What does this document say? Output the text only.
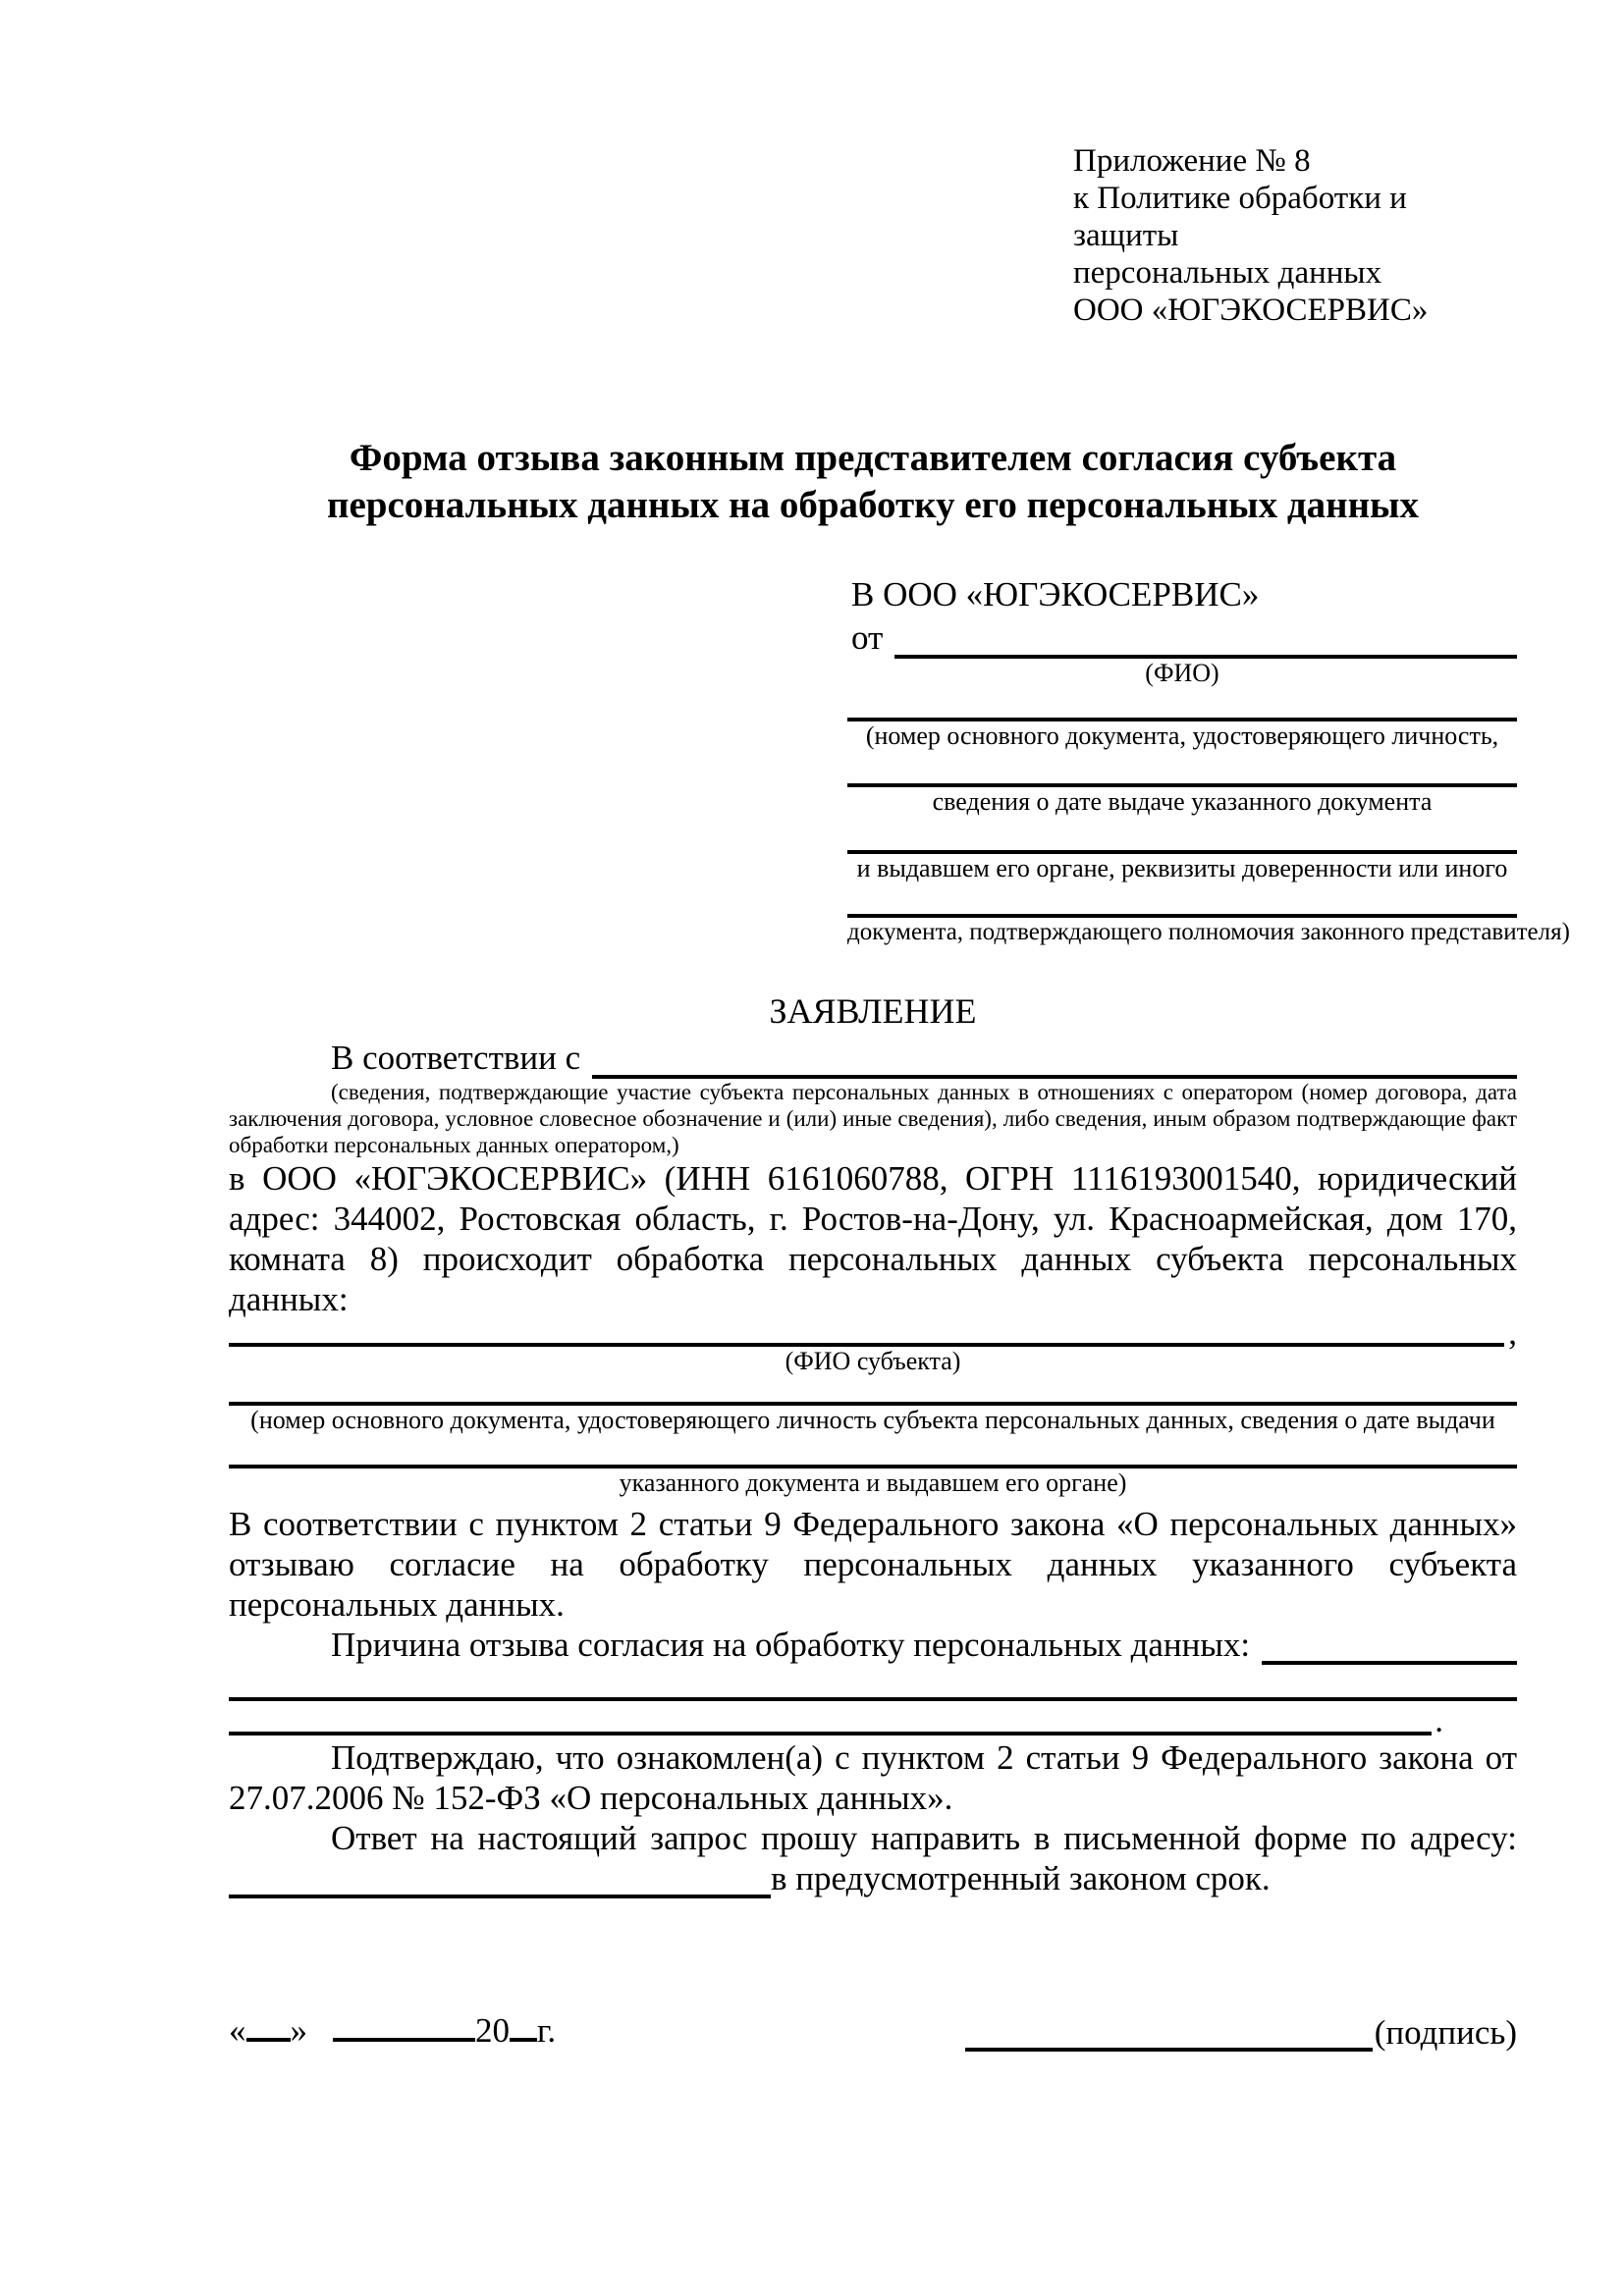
Приложение № 8
к Политике обработки и защиты
персональных данных
ООО «ЮГЭКОСЕРВИС»
Форма отзыва законным представителем согласия субъекта
персональных данных на обработку его персональных данных
В ООО «ЮГЭКОСЕРВИС»
от
(ФИО)
(номер основного документа, удостоверяющего личность,
сведения о дате выдаче указанного документа
и выдавшем его органе, реквизиты доверенности или иного
документа, подтверждающего полномочия законного представителя)
ЗАЯВЛЕНИЕ
В соответствии с
(сведения, подтверждающие участие субъекта персональных данных в отношениях с оператором (номер договора, дата заключения договора, условное словесное обозначение и (или) иные сведения), либо сведения, иным образом подтверждающие факт обработки персональных данных оператором,)
в ООО «ЮГЭКОСЕРВИС» (ИНН 6161060788, ОГРН 1116193001540, юридический адрес: 344002, Ростовская область, г. Ростов-на-Дону, ул. Красноармейская, дом 170, комната 8) происходит обработка персональных данных субъекта персональных данных:
,
(ФИО субъекта)
(номер основного документа, удостоверяющего личность субъекта персональных данных, сведения о дате выдачи
указанного документа и выдавшем его органе)
В соответствии с пунктом 2 статьи 9 Федерального закона «О персональных данных» отзываю согласие на обработку персональных данных указанного субъекта персональных данных.
Причина отзыва согласия на обработку персональных данных:
.
Подтверждаю, что ознакомлен(а) с пунктом 2 статьи 9 Федерального закона от 27.07.2006 № 152-ФЗ «О персональных данных».
Ответ на настоящий запрос прошу направить в письменной форме по адресу:
в предусмотренный законом срок.
« »	20 г.	(подпись)
